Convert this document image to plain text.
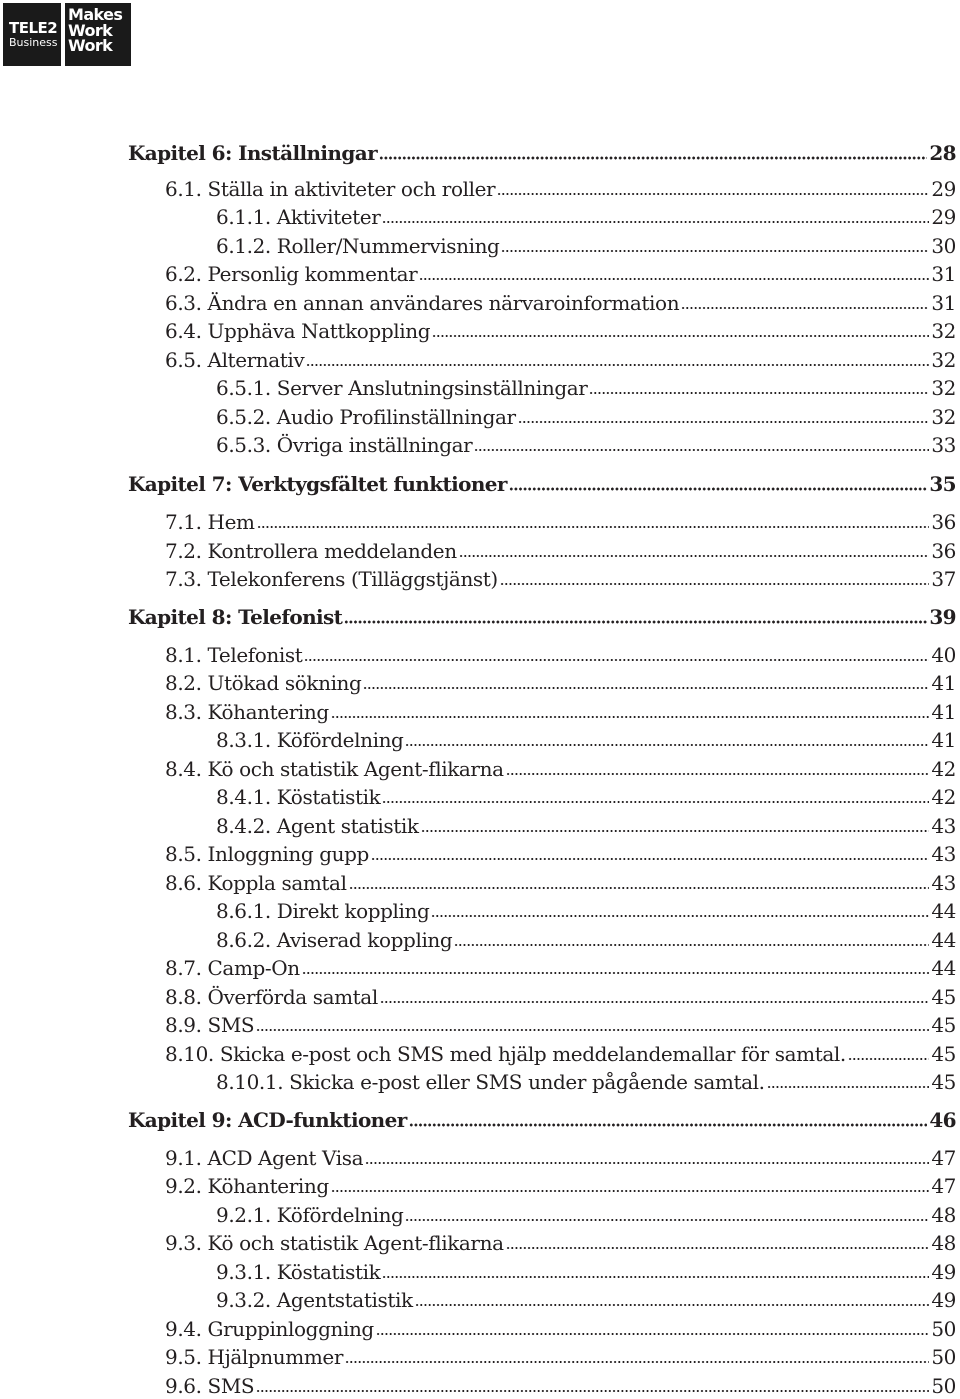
TELE2
Business
Makes
Work
Work
Kapitel 6: Inställningar	28
6.1. Ställa in aktiviteter och roller	29
6.1.1. Aktiviteter	29
6.1.2. Roller/Nummervisning	30
6.2. Personlig kommentar	31
6.3. Ändra en annan användares närvaroinformation	31
6.4. Upphäva Nattkoppling	32
6.5. Alternativ	32
6.5.1. Server Anslutningsinställningar	32
6.5.2. Audio Profilinställningar	32
6.5.3. Övriga inställningar	33
Kapitel 7: Verktygsfältet funktioner	35
7.1. Hem	36
7.2. Kontrollera meddelanden	36
7.3. Telekonferens (Tilläggstjänst)	37
Kapitel 8: Telefonist	39
8.1. Telefonist	40
8.2. Utökad sökning	41
8.3. Köhantering	41
8.3.1. Köfördelning	41
8.4. Kö och statistik Agent-flikarna	42
8.4.1. Köstatistik	42
8.4.2. Agent statistik	43
8.5. Inloggning gupp	43
8.6. Koppla samtal	43
8.6.1. Direkt koppling	44
8.6.2. Aviserad koppling	44
8.7. Camp-On	44
8.8. Överförda samtal	45
8.9. SMS	45
8.10. Skicka e-post och SMS med hjälp meddelandemallar för samtal.	45
8.10.1. Skicka e-post eller SMS under pågående samtal.	45
Kapitel 9: ACD-funktioner	46
9.1. ACD Agent Visa	47
9.2. Köhantering	47
9.2.1. Köfördelning	48
9.3. Kö och statistik Agent-flikarna	48
9.3.1. Köstatistik	49
9.3.2. Agentstatistik	49
9.4. Gruppinloggning	50
9.5. Hjälpnummer	50
9.6. SMS	50
